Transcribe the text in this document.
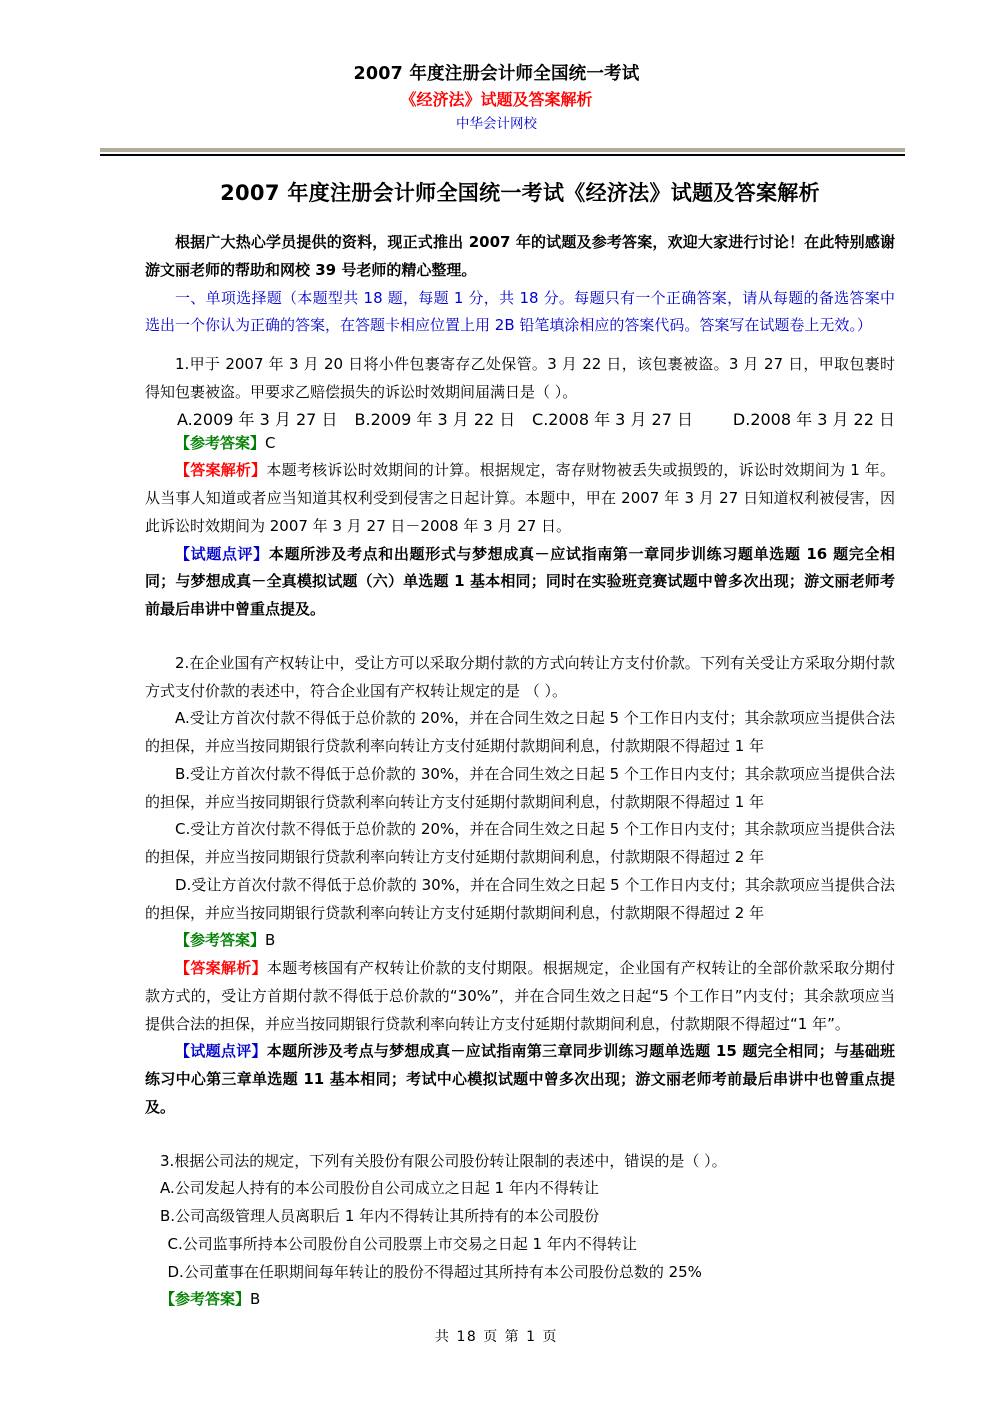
2007 年度注册会计师全国统一考试
《经济法》试题及答案解析
中华会计网校
2007 年度注册会计师全国统一考试《经济法》试题及答案解析

根据广大热心学员提供的资料，现正式推出 2007 年的试题及参考答案，欢迎大家进行讨论！在此特别感谢游文丽老师的帮助和网校 39 号老师的精心整理。

一、单项选择题（本题型共 18 题，每题 1 分，共 18 分。每题只有一个正确答案，请从每题的备选答案中选出一个你认为正确的答案，在答题卡相应位置上用 2B 铅笔填涂相应的答案代码。答案写在试题卷上无效。）

1.甲于 2007 年 3 月 20 日将小件包裹寄存乙处保管。3 月 22 日，该包裹被盗。3 月 27 日，甲取包裹时得知包裹被盗。甲要求乙赔偿损失的诉讼时效期间届满日是（ ）。

A.2009 年 3 月 27 日	B.2009 年 3 月 22 日	C.2008 年 3 月 27 日	D.2008 年 3 月 22 日

【参考答案】C

【答案解析】本题考核诉讼时效期间的计算。根据规定，寄存财物被丢失或损毁的，诉讼时效期间为 1 年。从当事人知道或者应当知道其权利受到侵害之日起计算。本题中，甲在 2007 年 3 月 27 日知道权利被侵害，因此诉讼时效期间为 2007 年 3 月 27 日－2008 年 3 月 27 日。

【试题点评】本题所涉及考点和出题形式与梦想成真－应试指南第一章同步训练习题单选题 16 题完全相同；与梦想成真－全真模拟试题（六）单选题 1 基本相同；同时在实验班竞赛试题中曾多次出现；游文丽老师考前最后串讲中曾重点提及。

2.在企业国有产权转让中，受让方可以采取分期付款的方式向转让方支付价款。下列有关受让方采取分期付款方式支付价款的表述中，符合企业国有产权转让规定的是 （ ）。

A.受让方首次付款不得低于总价款的 20%，并在合同生效之日起 5 个工作日内支付；其余款项应当提供合法的担保，并应当按同期银行贷款利率向转让方支付延期付款期间利息，付款期限不得超过 1 年

B.受让方首次付款不得低于总价款的 30%，并在合同生效之日起 5 个工作日内支付；其余款项应当提供合法的担保，并应当按同期银行贷款利率向转让方支付延期付款期间利息，付款期限不得超过 1 年

C.受让方首次付款不得低于总价款的 20%，并在合同生效之日起 5 个工作日内支付；其余款项应当提供合法的担保，并应当按同期银行贷款利率向转让方支付延期付款期间利息，付款期限不得超过 2 年

D.受让方首次付款不得低于总价款的 30%，并在合同生效之日起 5 个工作日内支付；其余款项应当提供合法的担保，并应当按同期银行贷款利率向转让方支付延期付款期间利息，付款期限不得超过 2 年

【参考答案】B

【答案解析】本题考核国有产权转让价款的支付期限。根据规定，企业国有产权转让的全部价款采取分期付款方式的，受让方首期付款不得低于总价款的“30%”，并在合同生效之日起“5 个工作日”内支付；其余款项应当提供合法的担保，并应当按同期银行贷款利率向转让方支付延期付款期间利息，付款期限不得超过“1 年”。

【试题点评】本题所涉及考点与梦想成真－应试指南第三章同步训练习题单选题 15 题完全相同；与基础班练习中心第三章单选题 11 基本相同；考试中心模拟试题中曾多次出现；游文丽老师考前最后串讲中也曾重点提及。

3.根据公司法的规定，下列有关股份有限公司股份转让限制的表述中，错误的是（ ）。

A.公司发起人持有的本公司股份自公司成立之日起 1 年内不得转让

B.公司高级管理人员离职后 1 年内不得转让其所持有的本公司股份

C.公司监事所持本公司股份自公司股票上市交易之日起 1 年内不得转让

D.公司董事在任职期间每年转让的股份不得超过其所持有本公司股份总数的 25%

【参考答案】B

共 18 页 第 1 页
